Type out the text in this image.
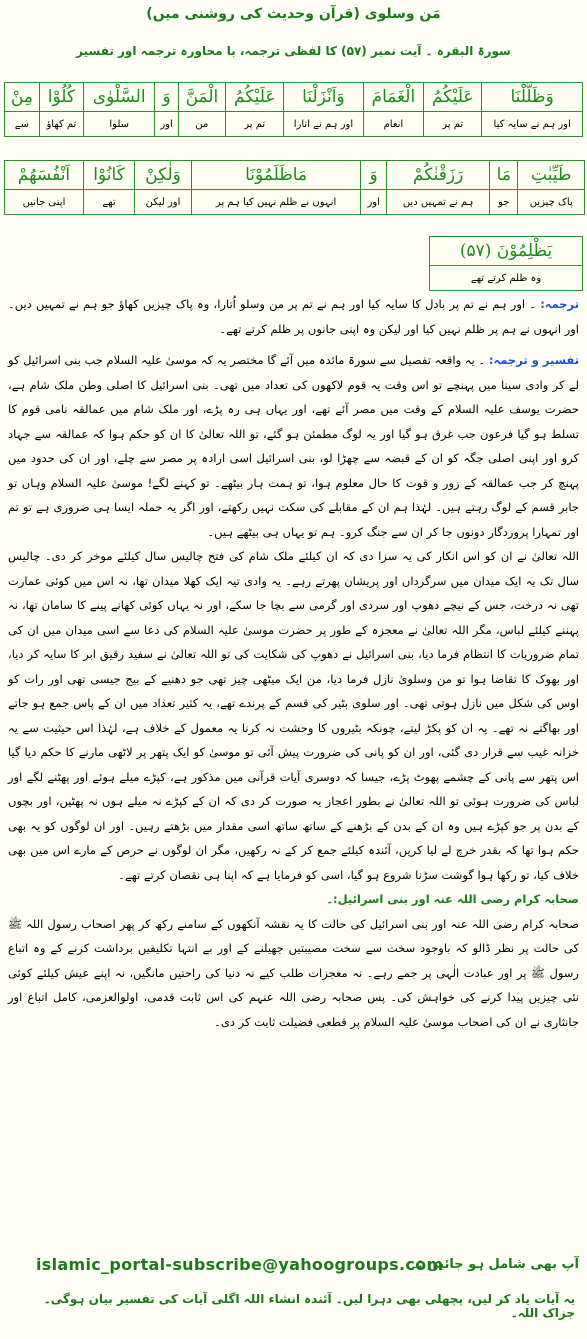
مَن وسلوی (قرآن وحدیث کی روشنی میں)
سورۃ البقرہ ۔ آیت نمبر (۵۷) کا لفظی ترجمہ، با محاورہ ترجمہ اور تفسیر
وَظَلَّلْنَا	عَلَيْكُمُ	الْغَمَامَ	وَاَنْزَلْنَا	عَلَيْكُمُ	الْمَنَّ	وَ	السَّلْوٰى	كُلُوْا	مِنْ
اور ہم نے سایہ کیا	تم پر	انعام	اور ہم نے اتارا	تم پر	من	اور	سلوا	تم کھاؤ	سے
طَيِّبٰتِ	مَا	رَزَقْنٰكُمْ	وَ	مَاظَلَمُوْنَا	وَلٰكِنْ	كَانُوْا	اَنْفُسَهُمْ
پاک چیزیں	جو	ہم نے تمہیں دیں	اور	انہوں نے ظلم نہیں کیا ہم پر	اور لیکن	تھے	اپنی جانیں
يَظْلِمُوْنَ (۵۷)
وہ ظلم کرتے تھے
ترجمہ: ۔ اور ہم نے تم پر بادل کا سایہ کیا اور ہم نے تم پر من وسلو اُتارا، وہ پاک چیزیں کھاؤ جو ہم نے تمہیں دیں۔ اور انہوں نے ہم پر ظلم نہیں کیا اور لیکن وہ اپنی جانوں پر ظلم کرتے تھے۔
تفسیر و ترجمہ: ۔ یہ واقعہ تفصیل سے سورۃ مائدہ میں آئے گا مختصر یہ کہ موسیٰ علیہ السلام جب بنی اسرائیل کو لے کر وادی سینا میں پہنچے تو اس وقت یہ قوم لاکھوں کی تعداد میں تھی۔ بنی اسرائیل کا اصلی وطن ملک شام ہے، حضرت یوسف علیہ السلام کے وقت میں مصر آئے تھے، اور یہاں ہی رہ پڑے، اور ملک شام میں عمالقہ نامی قوم کا تسلط ہو گیا فرعون جب غرق ہو گیا اور یہ لوگ مطمئن ہو گئے، تو اللہ تعالیٰ کا ان کو حکم ہوا کہ عمالقہ سے جہاد کرو اور اپنی اصلی جگہ کو ان کے قبضہ سے چھڑا لو، بنی اسرائیل اسی ارادہ پر مصر سے چلے، اور ان کی حدود میں پہنچ کر جب عمالقہ کے زور و قوت کا حال معلوم ہوا، تو ہمت ہار بیٹھے۔ تو کہنے لگے! موسیٰ علیہ السلام وہاں تو جابر قسم کے لوگ رہتے ہیں۔ لہٰذا ہم ان کے مقابلے کی سکت نہیں رکھتے، اور اگر یہ حملہ ایسا ہی ضروری ہے تو تم اور تمہارا پروردگار دونوں جا کر ان سے جنگ کرو۔ ہم تو یہاں ہی بیٹھے ہیں۔
اللہ تعالیٰ نے ان کو اس انکار کی یہ سزا دی کہ ان کیلئے ملک شام کی فتح چالیس سال کیلئے موخر کر دی۔ چالیس سال تک یہ ایک میدان میں سرگرداں اور پریشان پھرتے رہے۔ یہ وادی تیہ ایک کھلا میدان تھا، نہ اس میں کوئی عمارت تھی نہ درخت، جس کے نیچے دھوپ اور سردی اور گرمی سے بچا جا سکے، اور نہ یہاں کوئی کھانے پینے کا سامان تھا، نہ پہننے کیلئے لباس، مگر اللہ تعالیٰ نے معجزہ کے طور پر حضرت موسیٰ علیہ السلام کی دعا سے اسی میدان میں ان کی تمام ضروریات کا انتظام فرما دیا، بنی اسرائیل نے دھوپ کی شکایت کی تو اللہ تعالیٰ نے سفید رقیق ابر کا سایہ کر دیا، اور بھوک کا تقاضا ہوا تو من وسلویٰ نازل فرما دیا، من ایک میٹھی چیز تھی جو دھنیے کے بیج جیسی تھی اور رات کو اوس کی شکل میں نازل ہوتی تھی۔ اور سلوی بٹیر کی قسم کے پرندے تھے، یہ کثیر تعداد میں ان کے پاس جمع ہو جاتے اور بھاگتے نہ تھے۔ یہ ان کو پکڑ لیتے، چونکہ بٹیروں کا وحشت نہ کرنا یہ معمول کے خلاف ہے، لہٰذا اس حیثیت سے یہ خزانہ غیب سے قرار دی گئی، اور ان کو پانی کی ضرورت پیش آئی تو موسیٰ کو ایک پتھر پر لاٹھی مارنے کا حکم دیا گیا اس پتھر سے پانی کے چشمے پھوٹ پڑے، جیسا کہ دوسری آیات قرآنی میں مذکور ہے، کپڑے میلے ہوئے اور پھٹنے لگے اور لباس کی ضرورت ہوئی تو اللہ تعالیٰ نے بطور اعجاز یہ صورت کر دی کہ ان کے کپڑے نہ میلے ہوں نہ پھٹیں، اور بچوں کے بدن پر جو کپڑے ہیں وہ ان کے بدن کے بڑھنے کے ساتھ ساتھ اسی مقدار میں بڑھتے رہیں۔ اور ان لوگوں کو یہ بھی حکم ہوا تھا کہ بقدر خرچ لے لیا کریں، آئندہ کیلئے جمع کر کے نہ رکھیں، مگر ان لوگوں نے حرص کے مارے اس میں بھی خلاف کیا، تو رکھا ہوا گوشت سڑنا شروع ہو گیا، اسی کو فرمایا ہے کہ اپنا ہی نقصان کرتے تھے۔
صحابہ کرام رضی اللہ عنہ اور بنی اسرائیل:۔
صحابہ کرام رضی اللہ عنہ اور بنی اسرائیل کی حالت کا یہ نقشہ آنکھوں کے سامنے رکھ کر پھر اصحاب رسول اللہ ﷺ کی حالت پر نظر ڈالو کہ باوجود سخت سے سخت مصیبتیں جھیلنے کے اور بے انتہا تکلیفیں برداشت کرنے کے وہ اتباع رسول ﷺ پر اور عبادت الٰہی پر جمے رہے۔ نہ معجزات طلب کیے نہ دنیا کی راحتیں مانگیں، نہ اپنے عیش کیلئے کوئی نئی چیزیں پیدا کرنے کی خواہش کی۔ پس صحابہ رضی اللہ عنہم کی اس ثابت قدمی، اولوالعزمی، کامل اتباع اور جانثاری نے ان کی اصحاب موسیٰ علیہ السلام پر قطعی فضیلت ثابت کر دی۔
islamic_portal-subscribe@yahoogroups.com
آپ بھی شامل ہو جائیں :۔
یہ آیات یاد کر لیں، پچھلی بھی دہرا لیں۔ آئندہ انشاء اللہ اگلی آیات کی تفسیر بیان ہوگی۔ جزاک اللہ۔
